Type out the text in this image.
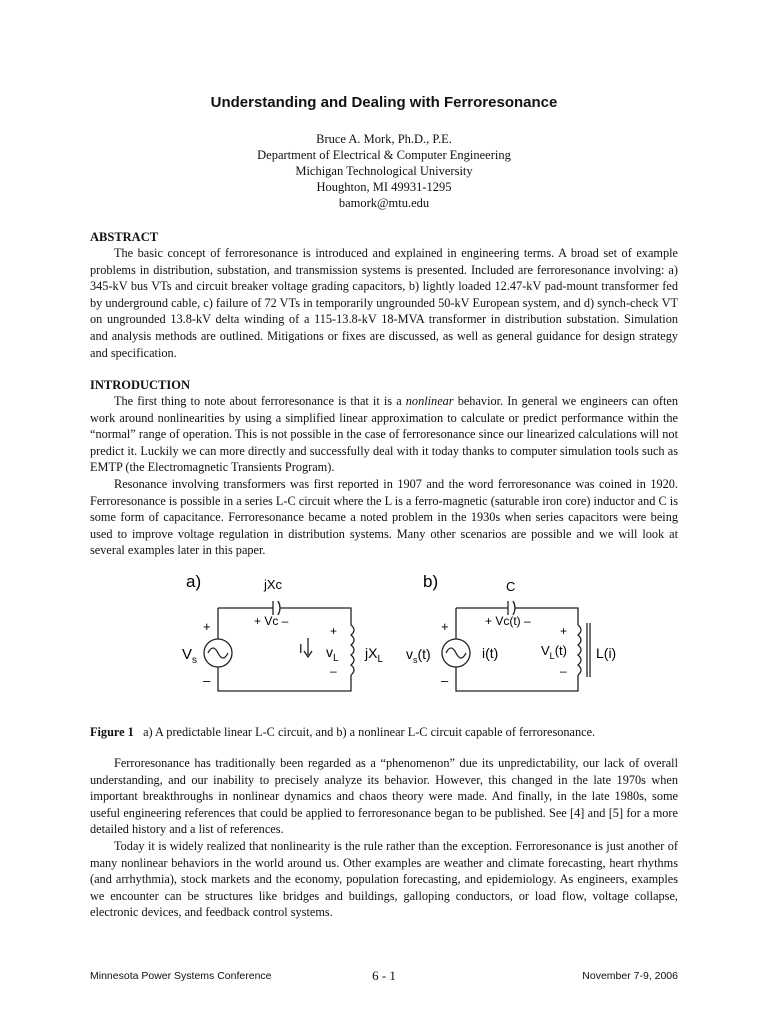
Understanding and Dealing with Ferroresonance
Bruce A. Mork, Ph.D., P.E.
Department of Electrical & Computer Engineering
Michigan Technological University
Houghton, MI 49931-1295
bamork@mtu.edu
ABSTRACT

The basic concept of ferroresonance is introduced and explained in engineering terms. A broad set of example problems in distribution, substation, and transmission systems is presented. Included are ferroresonance involving: a) 345-kV bus VTs and circuit breaker voltage grading capacitors, b) lightly loaded 12.47-kV pad-mount transformer fed by underground cable, c) failure of 72 VTs in temporarily ungrounded 50-kV European system, and d) synch-check VT on ungrounded 13.8-kV delta winding of a 115-13.8-kV 18-MVA transformer in distribution substation. Simulation and analysis methods are outlined. Mitigations or fixes are discussed, as well as general guidance for design strategy and specification.

INTRODUCTION

The first thing to note about ferroresonance is that it is a nonlinear behavior. In general we engineers can often work around nonlinearities by using a simplified linear approximation to calculate or predict performance within the “normal” range of operation. This is not possible in the case of ferroresonance since our linearized calculations will not predict it. Luckily we can more directly and successfully deal with it today thanks to computer simulation tools such as EMTP (the Electromagnetic Transients Program).

Resonance involving transformers was first reported in 1907 and the word ferroresonance was coined in 1920. Ferroresonance is possible in a series L-C circuit where the L is a ferro-magnetic (saturable iron core) inductor and C is some form of capacitance. Ferroresonance became a noted problem in the 1930s when series capacitors were being used to improve voltage regulation in distribution systems. Many other scenarios are possible and we will look at several examples later in this paper.

a)	jXc
+ Vc –
+
–
$V_s$
I
+
–
$v_L$ $jX_L$
b)	C
+ Vc(t) –
+
–
$v_s(t)$	i(t)
+
–
$V_L(t)$ L(i)
Figure 1 a) A predictable linear L-C circuit, and b) a nonlinear L-C circuit capable of ferroresonance.

Ferroresonance has traditionally been regarded as a “phenomenon” due its unpredictability, our lack of overall understanding, and our inability to precisely analyze its behavior. However, this changed in the late 1970s when important breakthroughs in nonlinear dynamics and chaos theory were made. And finally, in the late 1980s, some useful engineering references that could be applied to ferroresonance began to be published. See [4] and [5] for a more detailed history and a list of references.

Today it is widely realized that nonlinearity is the rule rather than the exception. Ferroresonance is just another of many nonlinear behaviors in the world around us. Other examples are weather and climate forecasting, heart rhythms (and arrhythmia), stock markets and the economy, population forecasting, and epidemiology. As engineers, examples we encounter can be structures like bridges and buildings, galloping conductors, or load flow, voltage collapse, electronic devices, and feedback control systems.

Minnesota Power Systems Conference	6 - 1	November 7-9, 2006
